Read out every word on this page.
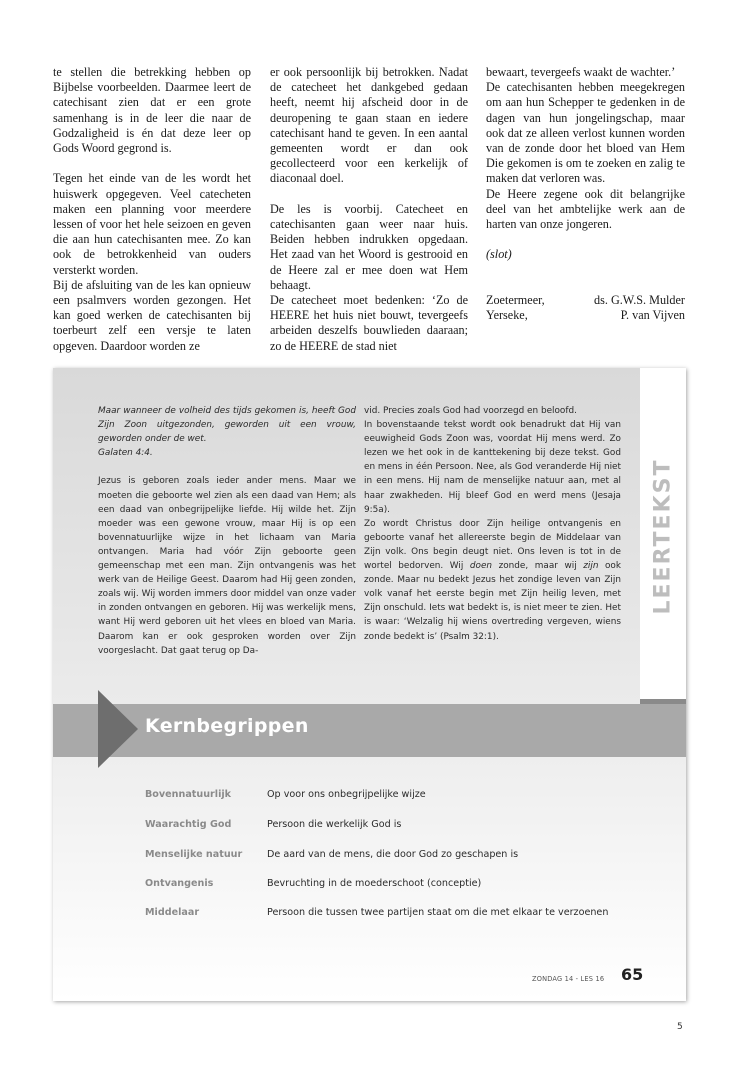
te stellen die betrekking hebben op Bijbelse voorbeelden. Daarmee leert de catechisant zien dat er een grote samenhang is in de leer die naar de Godzaligheid is én dat deze leer op Gods Woord gegrond is.

Tegen het einde van de les wordt het huiswerk opgegeven. Veel catecheten maken een planning voor meerdere lessen of voor het hele seizoen en geven die aan hun catechisanten mee. Zo kan ook de betrokkenheid van ouders versterkt worden.

Bij de afsluiting van de les kan opnieuw een psalmvers worden gezongen. Het kan goed werken de catechisanten bij toerbeurt zelf een versje te laten opgeven. Daardoor worden ze

er ook persoonlijk bij betrokken. Nadat de catecheet het dankgebed gedaan heeft, neemt hij afscheid door in de deuropening te gaan staan en iedere catechisant hand te geven. In een aantal gemeenten wordt er dan ook gecollecteerd voor een kerkelijk of diaconaal doel.

De les is voorbij. Catecheet en catechisanten gaan weer naar huis. Beiden hebben indrukken opgedaan. Het zaad van het Woord is gestrooid en de Heere zal er mee doen wat Hem behaagt.

De catecheet moet bedenken: ‘Zo de HEERE het huis niet bouwt, tevergeefs arbeiden deszelfs bouwlieden daaraan; zo de HEERE de stad niet

bewaart, tevergeefs waakt de wachter.’

De catechisanten hebben meegekregen om aan hun Schepper te gedenken in de dagen van hun jongelingschap, maar ook dat ze alleen verlost kunnen worden van de zonde door het bloed van Hem Die gekomen is om te zoeken en zalig te maken dat verloren was.

De Heere zegene ook dit belangrijke deel van het ambtelijke werk aan de harten van onze jongeren.

(slot)

Zoetermeer,	ds. G.W.S. Mulder
Yerseke,	P. van Vijven

Maar wanneer de volheid des tijds gekomen is, heeft God Zijn Zoon uitgezonden, geworden uit een vrouw, geworden onder de wet.

Galaten 4:4.

Jezus is geboren zoals ieder ander mens. Maar we moeten die geboorte wel zien als een daad van Hem; als een daad van onbegrijpelijke liefde. Hij wilde het. Zijn moeder was een gewone vrouw, maar Hij is op een bovennatuurlijke wijze in het lichaam van Maria ontvangen. Maria had vóór Zijn geboorte geen gemeenschap met een man. Zijn ontvangenis was het werk van de Heilige Geest. Daarom had Hij geen zonden, zoals wij. Wij worden immers door middel van onze vader in zonden ontvangen en geboren. Hij was werkelijk mens, want Hij werd geboren uit het vlees en bloed van Maria. Daarom kan er ook gesproken worden over Zijn voorgeslacht. Dat gaat terug op Da-

vid. Precies zoals God had voorzegd en beloofd.

In bovenstaande tekst wordt ook benadrukt dat Hij van eeuwigheid Gods Zoon was, voordat Hij mens werd. Zo lezen we het ook in de kanttekening bij deze tekst. God en mens in één Persoon. Nee, als God veranderde Hij niet in een mens. Hij nam de menselijke natuur aan, met al haar zwakheden. Hij bleef God en werd mens (Jesaja 9:5a).

Zo wordt Christus door Zijn heilige ontvangenis en geboorte vanaf het allereerste begin de Middelaar van Zijn volk. Ons begin deugt niet. Ons leven is tot in de wortel bedorven. Wij doen zonde, maar wij zijn ook zonde. Maar nu bedekt Jezus het zondige leven van Zijn volk vanaf het eerste begin met Zijn heilig leven, met Zijn onschuld. Iets wat bedekt is, is niet meer te zien. Het is waar: ‘Welzalig hij wiens overtreding vergeven, wiens zonde bedekt is’ (Psalm 32:1).

LEERTEKST
Kernbegrippen
Bovennatuurlijk	Op voor ons onbegrijpelijke wijze
Waarachtig God	Persoon die werkelijk God is
Menselijke natuur	De aard van de mens, die door God zo geschapen is
Ontvangenis	Bevruchting in de moederschoot (conceptie)
Middelaar	Persoon die tussen twee partijen staat om die met elkaar te verzoenen
ZONDAG 14 - LES 16 65
5
